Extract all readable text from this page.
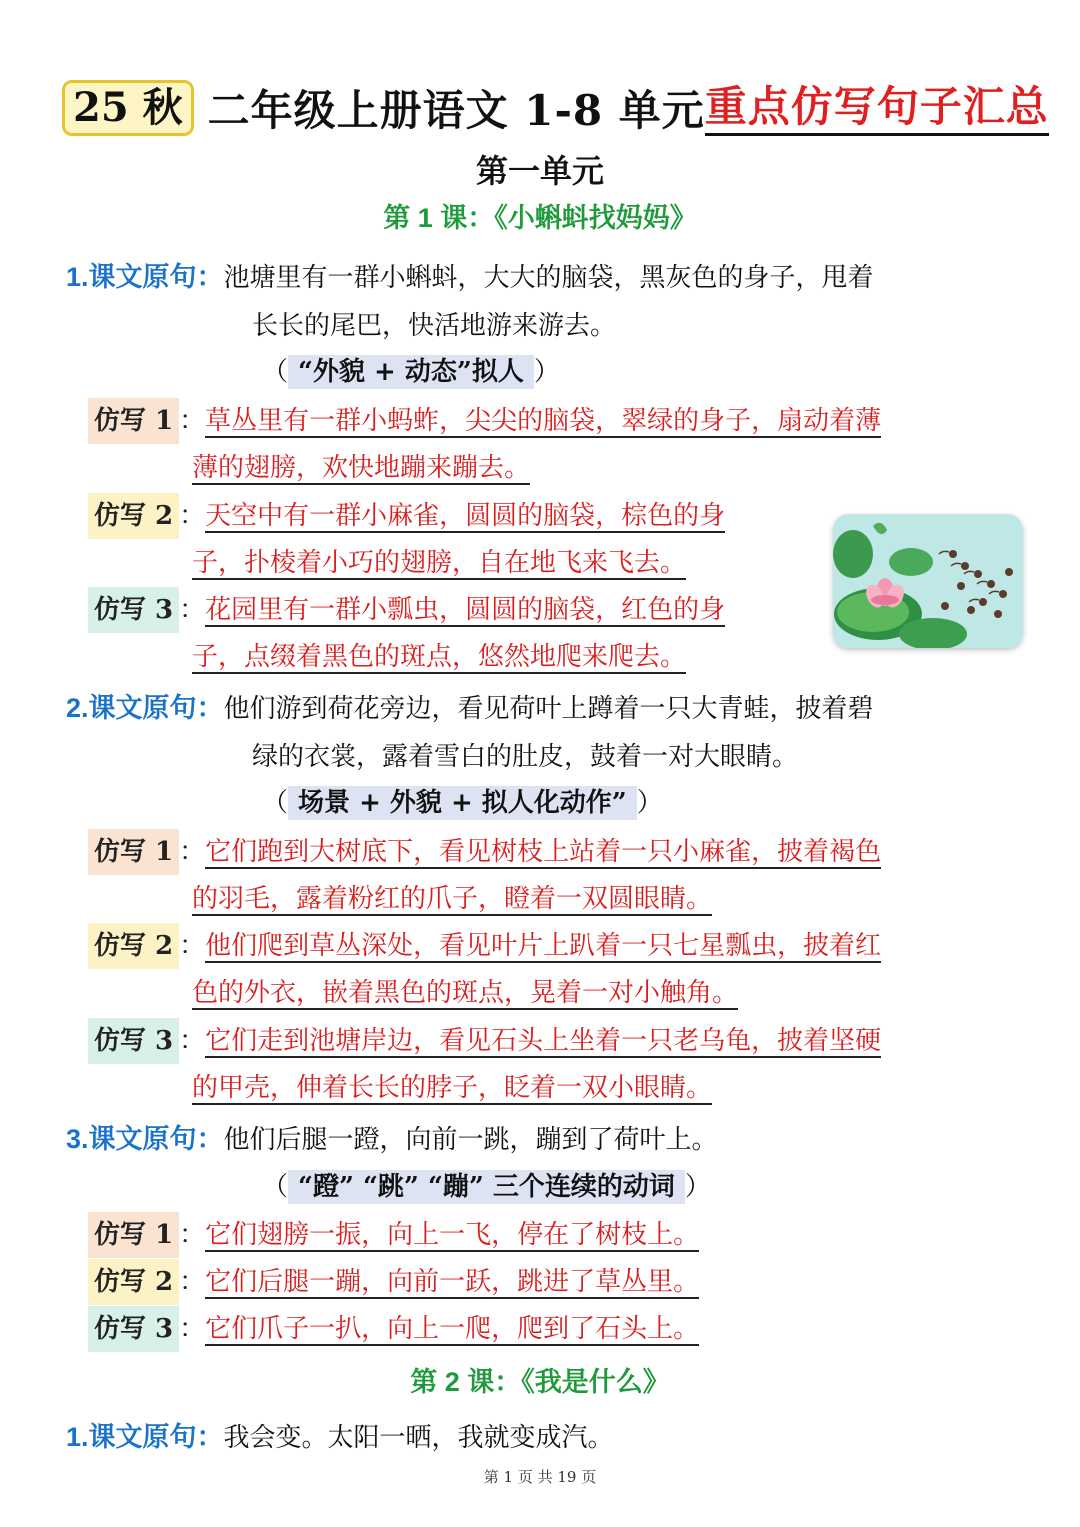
25 秋 二年级上册语文 1-8 单元 重点仿写句子汇总
第一单元
第 1 课：《小蝌蚪找妈妈》
1.课文原句：池塘里有一群小蝌蚪，大大的脑袋，黑灰色的身子，甩着
长长的尾巴，快活地游来游去。
（ “外貌 + 动态”拟人 ）
仿写 1 ：草丛里有一群小蚂蚱，尖尖的脑袋，翠绿的身子，扇动着薄
薄的翅膀，欢快地蹦来蹦去。
仿写 2 ：天空中有一群小麻雀，圆圆的脑袋，棕色的身
子，扑棱着小巧的翅膀，自在地飞来飞去。
仿写 3 ：花园里有一群小瓢虫，圆圆的脑袋，红色的身
子，点缀着黑色的斑点，悠然地爬来爬去。
2.课文原句：他们游到荷花旁边，看见荷叶上蹲着一只大青蛙，披着碧
绿的衣裳，露着雪白的肚皮，鼓着一对大眼睛。
（ 场景 + 外貌 + 拟人化动作” ）
仿写 1 ：它们跑到大树底下，看见树枝上站着一只小麻雀，披着褐色
的羽毛，露着粉红的爪子，瞪着一双圆眼睛。
仿写 2 ：他们爬到草丛深处，看见叶片上趴着一只七星瓢虫，披着红
色的外衣，嵌着黑色的斑点，晃着一对小触角。
仿写 3 ：它们走到池塘岸边，看见石头上坐着一只老乌龟，披着坚硬
的甲壳，伸着长长的脖子，眨着一双小眼睛。
3.课文原句：他们后腿一蹬，向前一跳，蹦到了荷叶上。
（ “蹬” “跳” “蹦” 三个连续的动词 ）
仿写 1 ：它们翅膀一振，向上一飞，停在了树枝上。
仿写 2 ：它们后腿一蹦，向前一跃，跳进了草丛里。
仿写 3 ：它们爪子一扒，向上一爬，爬到了石头上。
第 2 课：《我是什么》
1.课文原句：我会变。太阳一晒，我就变成汽。
第 1 页 共 19 页
